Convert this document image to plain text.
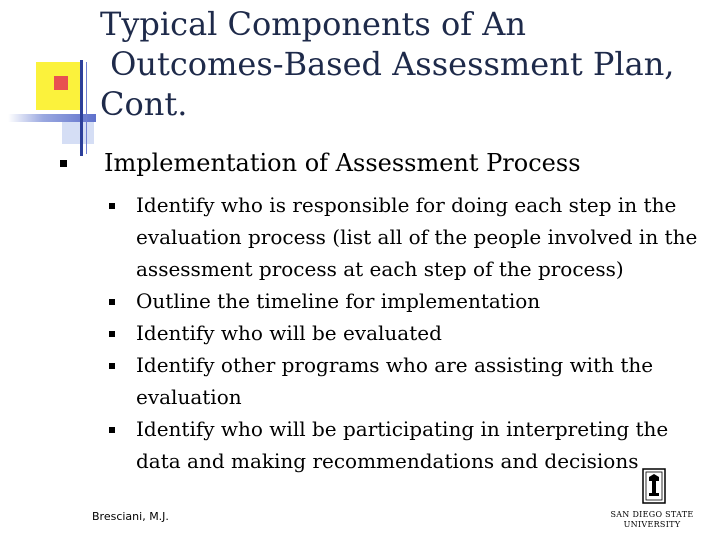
Typical Components of An
Outcomes-Based Assessment Plan,
Cont.
Implementation of Assessment Process
Identify who is responsible for doing each step in the evaluation process (list all of the people involved in the assessment process at each step of the process)
Outline the timeline for implementation
Identify who will be evaluated
Identify other programs who are assisting with the evaluation
Identify who will be participating in interpreting the data and making recommendations and decisions
Bresciani, M.J.	SAN DIEGO STATE
UNIVERSITY
